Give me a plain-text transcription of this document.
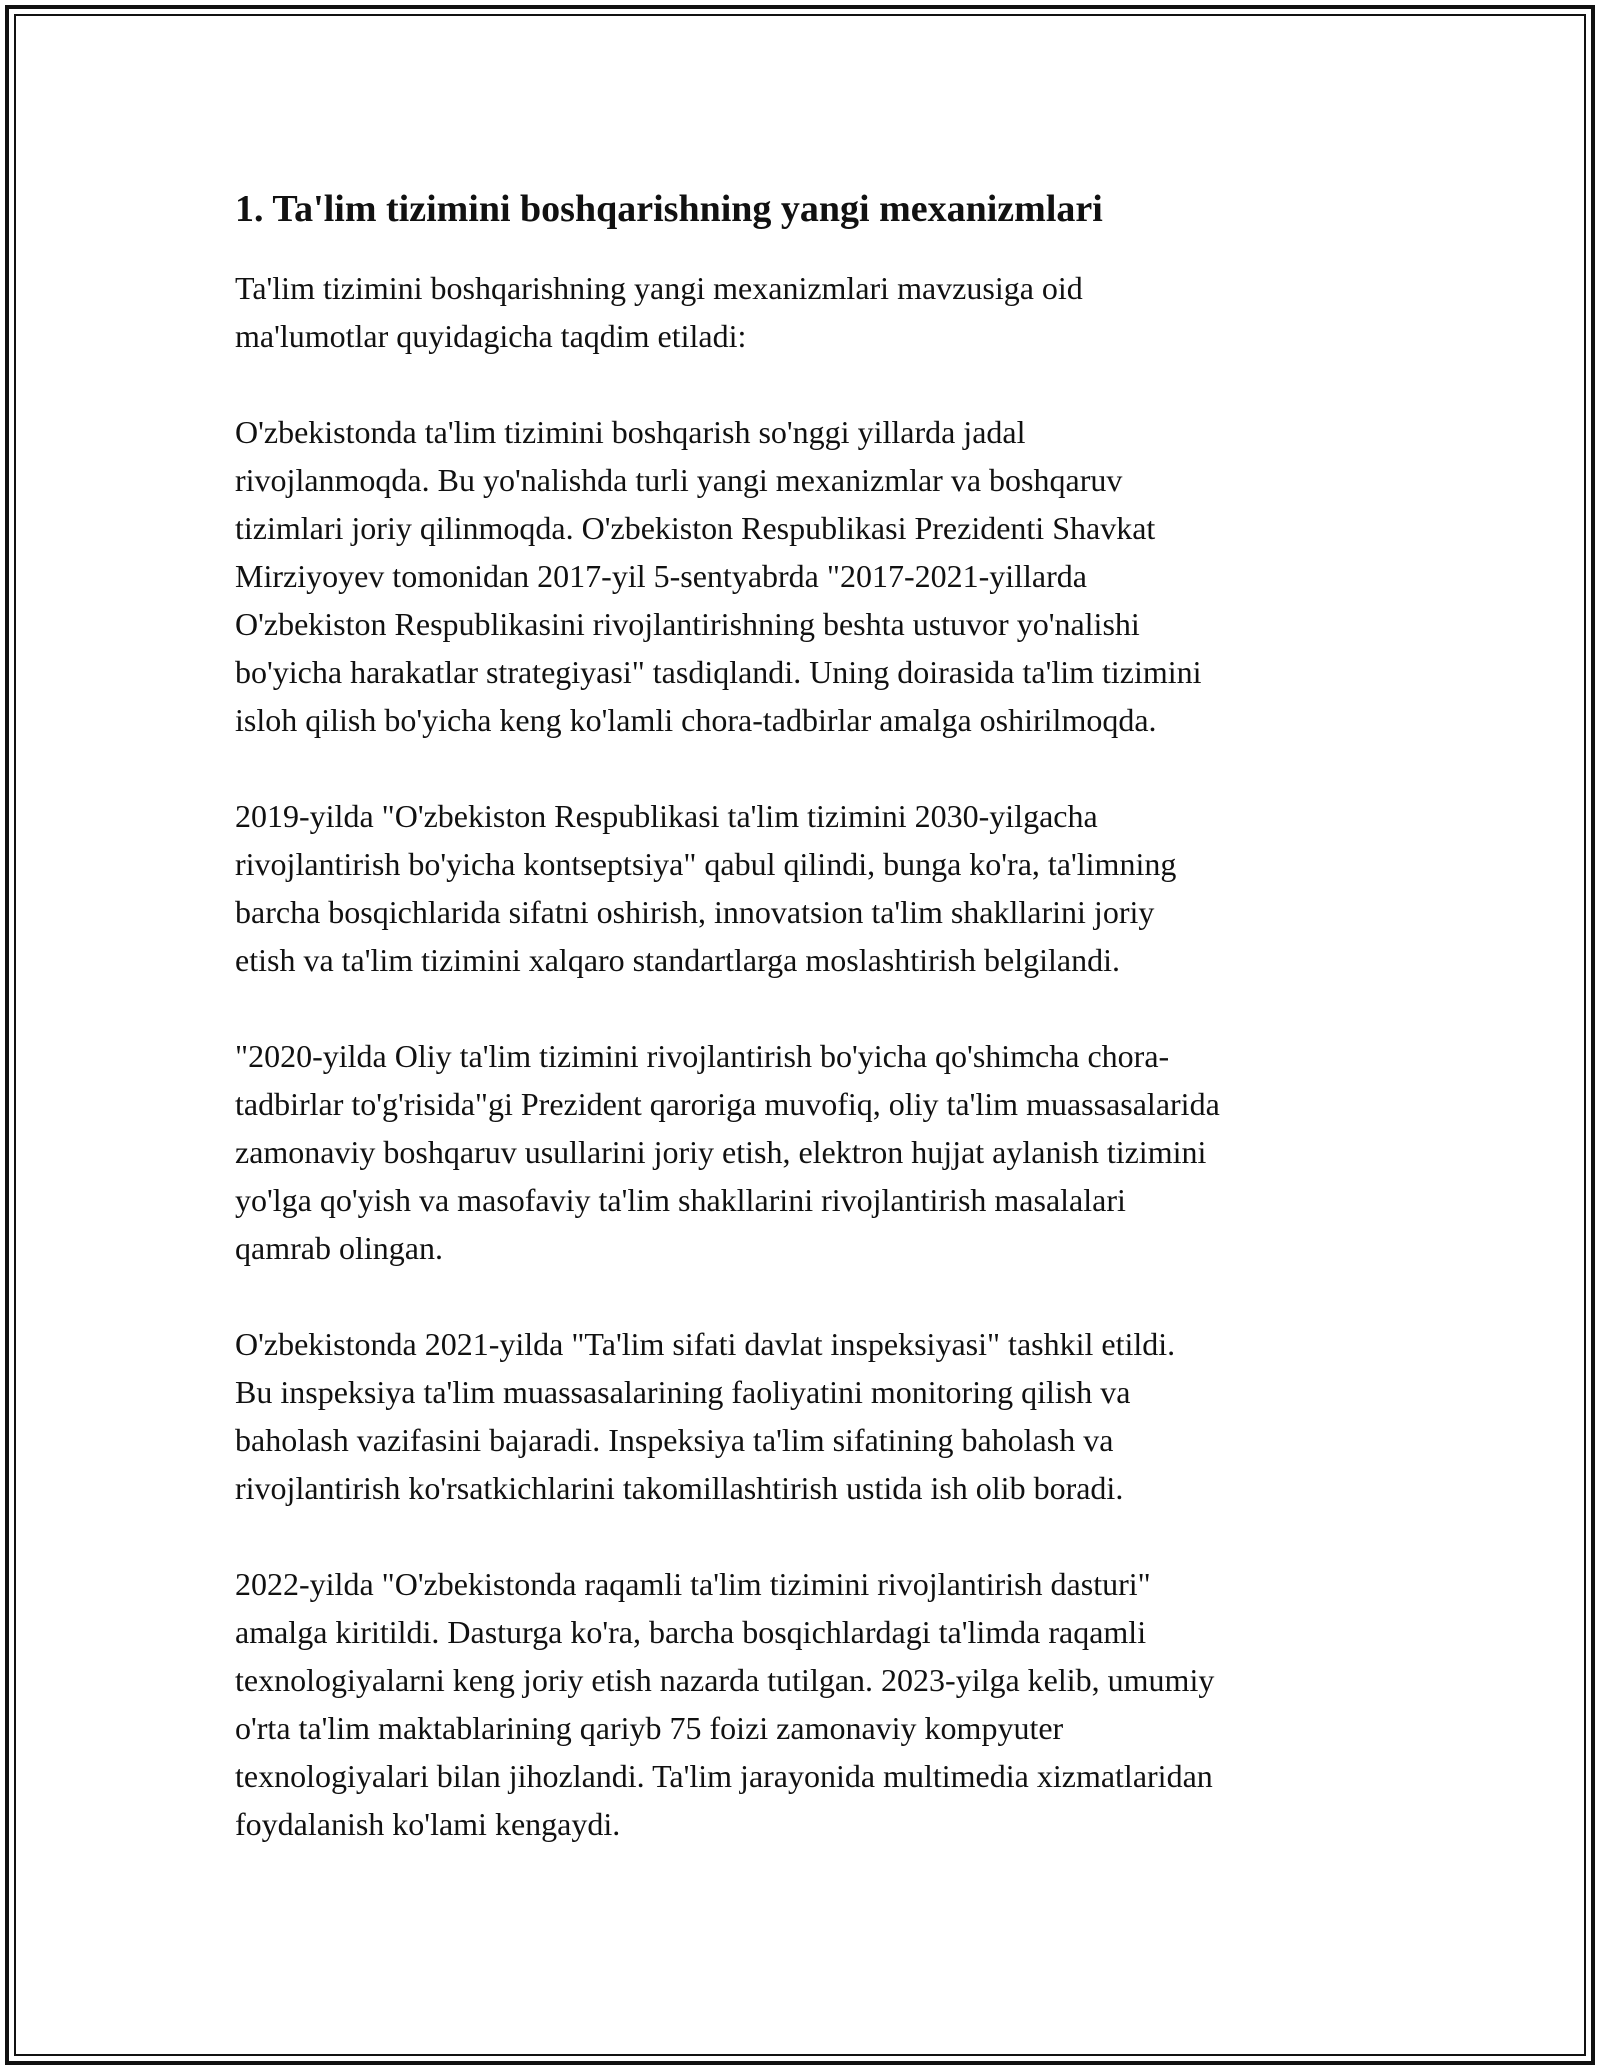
1. Ta'lim tizimini boshqarishning yangi mexanizmlari

Ta'lim tizimini boshqarishning yangi mexanizmlari mavzusiga oid
ma'lumotlar quyidagicha taqdim etiladi:

O'zbekistonda ta'lim tizimini boshqarish so'nggi yillarda jadal
rivojlanmoqda. Bu yo'nalishda turli yangi mexanizmlar va boshqaruv
tizimlari joriy qilinmoqda. O'zbekiston Respublikasi Prezidenti Shavkat
Mirziyoyev tomonidan 2017-yil 5-sentyabrda "2017-2021-yillarda
O'zbekiston Respublikasini rivojlantirishning beshta ustuvor yo'nalishi
bo'yicha harakatlar strategiyasi" tasdiqlandi. Uning doirasida ta'lim tizimini
isloh qilish bo'yicha keng ko'lamli chora-tadbirlar amalga oshirilmoqda.

2019-yilda "O'zbekiston Respublikasi ta'lim tizimini 2030-yilgacha
rivojlantirish bo'yicha kontseptsiya" qabul qilindi, bunga ko'ra, ta'limning
barcha bosqichlarida sifatni oshirish, innovatsion ta'lim shakllarini joriy
etish va ta'lim tizimini xalqaro standartlarga moslashtirish belgilandi.

"2020-yilda Oliy ta'lim tizimini rivojlantirish bo'yicha qo'shimcha chora-
tadbirlar to'g'risida"gi Prezident qaroriga muvofiq, oliy ta'lim muassasalarida
zamonaviy boshqaruv usullarini joriy etish, elektron hujjat aylanish tizimini
yo'lga qo'yish va masofaviy ta'lim shakllarini rivojlantirish masalalari
qamrab olingan.

O'zbekistonda 2021-yilda "Ta'lim sifati davlat inspeksiyasi" tashkil etildi.
Bu inspeksiya ta'lim muassasalarining faoliyatini monitoring qilish va
baholash vazifasini bajaradi. Inspeksiya ta'lim sifatining baholash va
rivojlantirish ko'rsatkichlarini takomillashtirish ustida ish olib boradi.

2022-yilda "O'zbekistonda raqamli ta'lim tizimini rivojlantirish dasturi"
amalga kiritildi. Dasturga ko'ra, barcha bosqichlardagi ta'limda raqamli
texnologiyalarni keng joriy etish nazarda tutilgan. 2023-yilga kelib, umumiy
o'rta ta'lim maktablarining qariyb 75 foizi zamonaviy kompyuter
texnologiyalari bilan jihozlandi. Ta'lim jarayonida multimedia xizmatlaridan
foydalanish ko'lami kengaydi.
